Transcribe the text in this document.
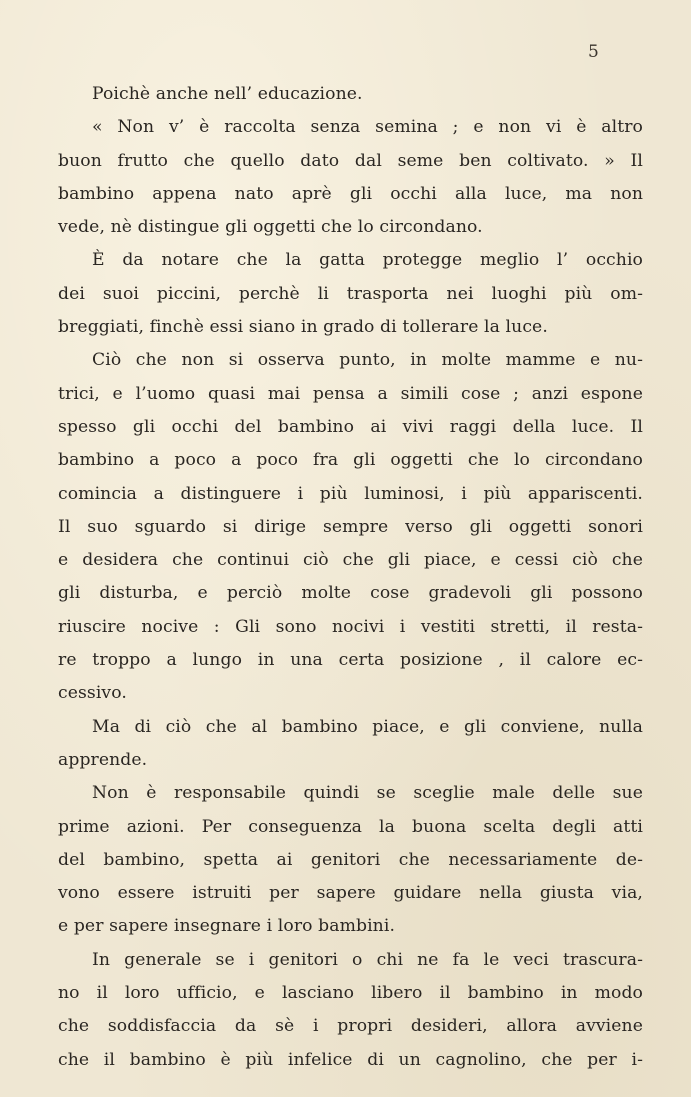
5
Poichè anche nell’ educazione.
« Non v’ è raccolta senza semina ; e non vi è altro
buon frutto che quello dato dal seme ben coltivato. » Il
bambino appena nato aprè gli occhi alla luce, ma non
vede, nè distingue gli oggetti che lo circondano.
È da notare che la gatta protegge meglio l’ occhio
dei suoi piccini, perchè li trasporta nei luoghi più om-
breggiati, finchè essi siano in grado di tollerare la luce.
Ciò che non si osserva punto, in molte mamme e nu-
trici, e l’uomo quasi mai pensa a simili cose ; anzi espone
spesso gli occhi del bambino ai vivi raggi della luce. Il
bambino a poco a poco fra gli oggetti che lo circondano
comincia a distinguere i più luminosi, i più appariscenti.
Il suo sguardo si dirige sempre verso gli oggetti sonori
e desidera che continui ciò che gli piace, e cessi ciò che
gli disturba, e perciò molte cose gradevoli gli possono
riuscire nocive : Gli sono nocivi i vestiti stretti, il resta-
re troppo a lungo in una certa posizione , il calore ec-
cessivo.
Ma di ciò che al bambino piace, e gli conviene, nulla
apprende.
Non è responsabile quindi se sceglie male delle sue
prime azioni. Per conseguenza la buona scelta degli atti
del bambino, spetta ai genitori che necessariamente de-
vono essere istruiti per sapere guidare nella giusta via,
e per sapere insegnare i loro bambini.
In generale se i genitori o chi ne fa le veci trascura-
no il loro ufficio, e lasciano libero il bambino in modo
che soddisfaccia da sè i propri desideri, allora avviene
che il bambino è più infelice di un cagnolino, che per i-
